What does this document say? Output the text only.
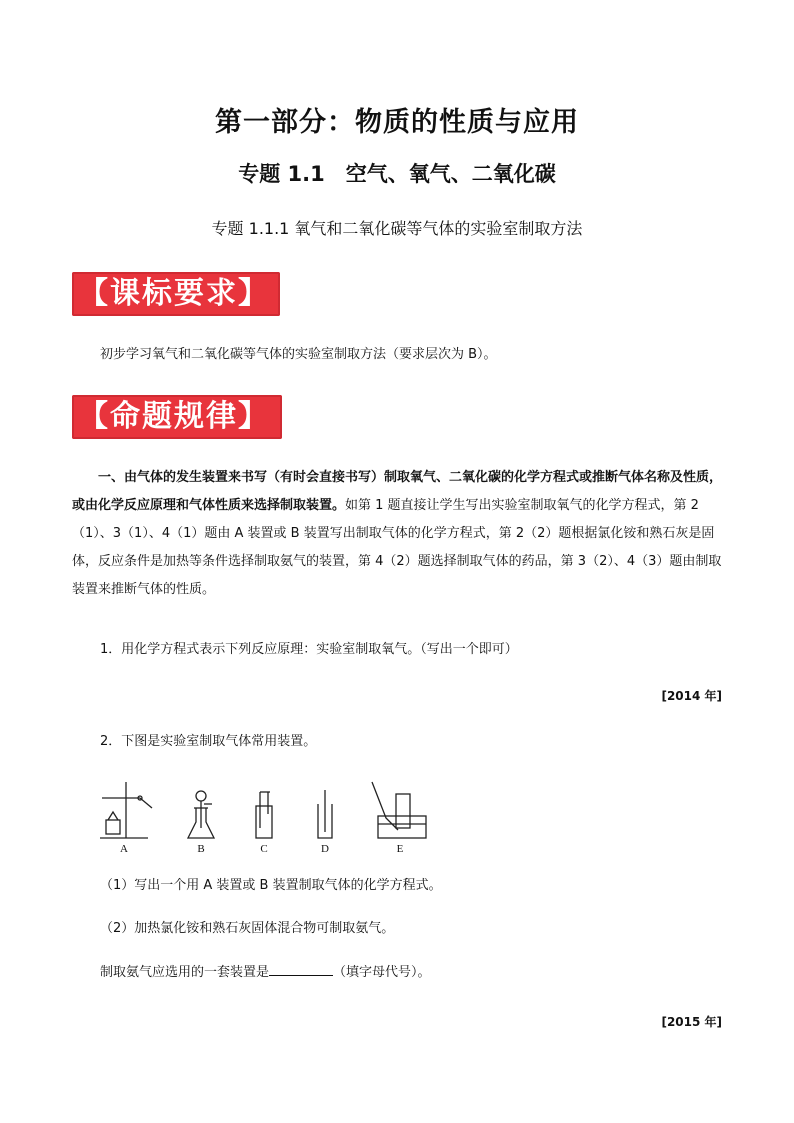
第一部分：物质的性质与应用
专题 1.1　空气、氧气、二氧化碳
专题 1.1.1 氧气和二氧化碳等气体的实验室制取方法
【课标要求】
初步学习氧气和二氧化碳等气体的实验室制取方法（要求层次为 B）。
【命题规律】
一、由气体的发生装置来书写（有时会直接书写）制取氧气、二氧化碳的化学方程式或推断气体名称及性质，或由化学反应原理和气体性质来选择制取装置。如第 1 题直接让学生写出实验室制取氧气的化学方程式，第 2（1）、3（1）、4（1）题由 A 装置或 B 装置写出制取气体的化学方程式，第 2（2）题根据氯化铵和熟石灰是固体，反应条件是加热等条件选择制取氨气的装置，第 4（2）题选择制取气体的药品，第 3（2）、4（3）题由制取装置来推断气体的性质。
1．用化学方程式表示下列反应原理：实验室制取氧气。（写出一个即可）
[2014 年]
2．下图是实验室制取气体常用装置。
A	B	C	D	E
（1）写出一个用 A 装置或 B 装置制取气体的化学方程式。
（2）加热氯化铵和熟石灰固体混合物可制取氨气。
制取氨气应选用的一套装置是	（填字母代号）。
[2015 年]
